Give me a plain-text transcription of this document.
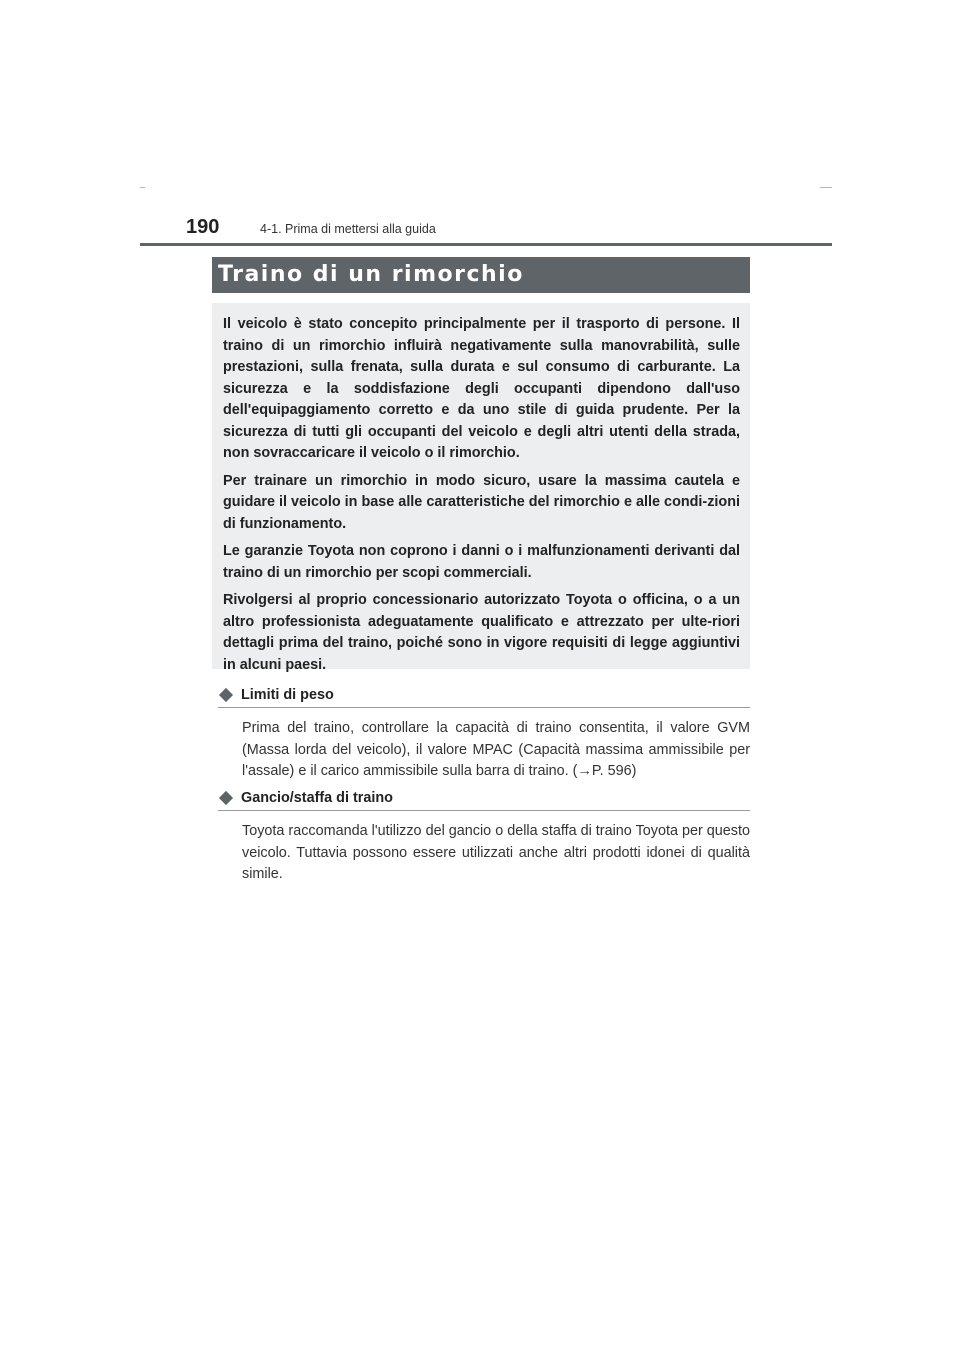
190	4-1. Prima di mettersi alla guida
Traino di un rimorchio

Il veicolo è stato concepito principalmente per il trasporto di persone. Il traino di un rimorchio influirà negativamente sulla manovrabilità, sulle prestazioni, sulla frenata, sulla durata e sul consumo di carburante. La sicurezza e la soddisfazione degli occupanti dipendono dall'uso dell'equipaggiamento corretto e da uno stile di guida prudente. Per la sicurezza di tutti gli occupanti del veicolo e degli altri utenti della strada, non sovraccaricare il veicolo o il rimorchio.

Per trainare un rimorchio in modo sicuro, usare la massima cautela e guidare il veicolo in base alle caratteristiche del rimorchio e alle condi-zioni di funzionamento.

Le garanzie Toyota non coprono i danni o i malfunzionamenti derivanti dal traino di un rimorchio per scopi commerciali.

Rivolgersi al proprio concessionario autorizzato Toyota o officina, o a un altro professionista adeguatamente qualificato e attrezzato per ulte-riori dettagli prima del traino, poiché sono in vigore requisiti di legge aggiuntivi in alcuni paesi.

Limiti di peso
Prima del traino, controllare la capacità di traino consentita, il valore GVM (Massa lorda del veicolo), il valore MPAC (Capacità massima ammissibile per l'assale) e il carico ammissibile sulla barra di traino. (→P. 596)
Gancio/staffa di traino
Toyota raccomanda l'utilizzo del gancio o della staffa di traino Toyota per questo veicolo. Tuttavia possono essere utilizzati anche altri prodotti idonei di qualità simile.
